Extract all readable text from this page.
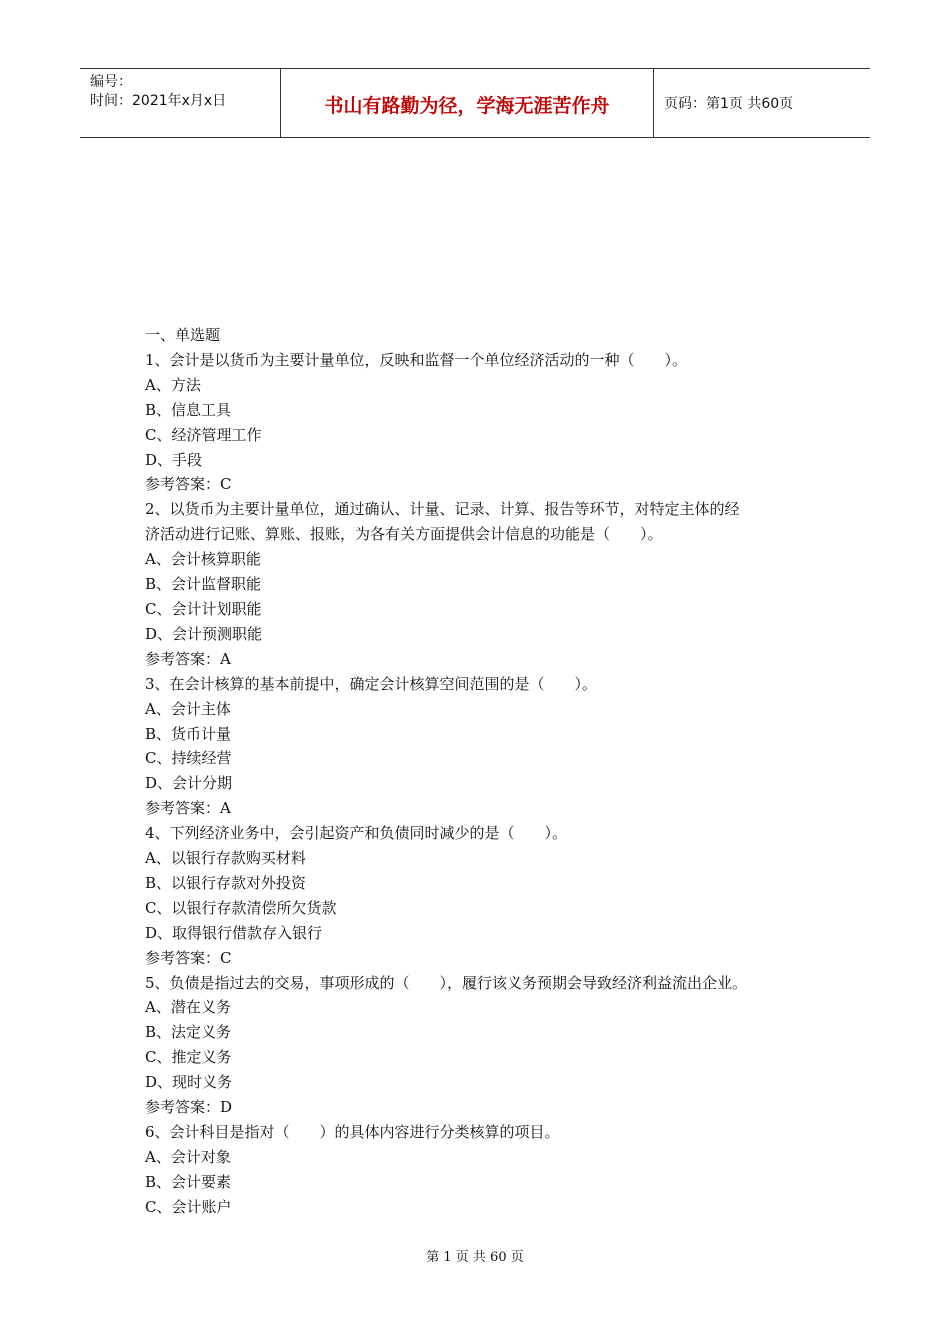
编号：
时间：2021年x月x日	书山有路勤为径，学海无涯苦作舟	页码：第1页 共60页
一、单选题
1、会计是以货币为主要计量单位，反映和监督一个单位经济活动的一种（　　）。
A、方法
B、信息工具
C、经济管理工作
D、手段
参考答案：C
2、以货币为主要计量单位，通过确认、计量、记录、计算、报告等环节，对特定主体的经
济活动进行记账、算账、报账，为各有关方面提供会计信息的功能是（　　）。
A、会计核算职能
B、会计监督职能
C、会计计划职能
D、会计预测职能
参考答案：A
3、在会计核算的基本前提中，确定会计核算空间范围的是（　　）。
A、会计主体
B、货币计量
C、持续经营
D、会计分期
参考答案：A
4、下列经济业务中，会引起资产和负债同时减少的是（　　）。
A、以银行存款购买材料
B、以银行存款对外投资
C、以银行存款清偿所欠货款
D、取得银行借款存入银行
参考答案：C
5、负债是指过去的交易，事项形成的（　　），履行该义务预期会导致经济利益流出企业。
A、潜在义务
B、法定义务
C、推定义务
D、现时义务
参考答案：D
6、会计科目是指对（　　）的具体内容进行分类核算的项目。
A、会计对象
B、会计要素
C、会计账户
第 1 页 共 60 页
